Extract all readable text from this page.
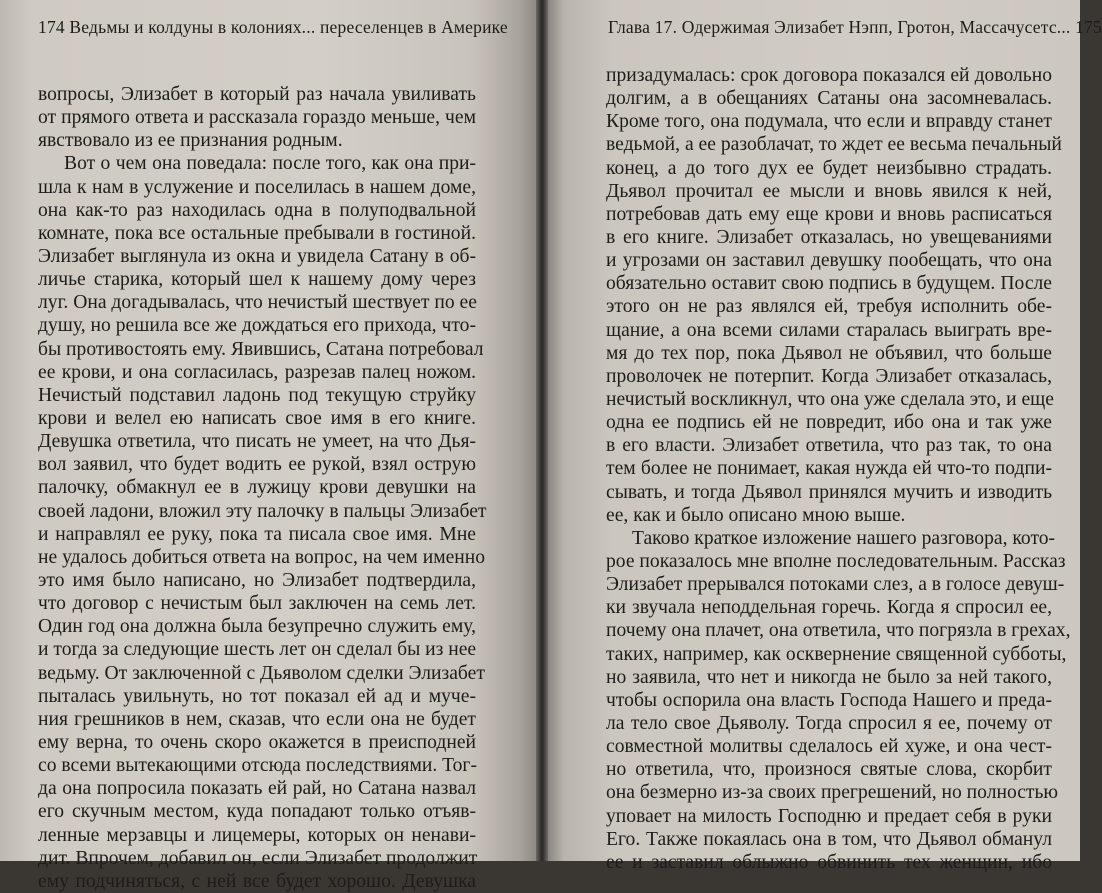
174 Ведьмы и колдуны в колониях... переселенцев в Америке
вопросы, Элизабет в который раз начала увиливать
от прямого ответа и рассказала гораздо меньше, чем
явствовало из ее признания родным.
Вот о чем она поведала: после того, как она при-
шла к нам в услужение и поселилась в нашем доме,
она как-то раз находилась одна в полуподвальной
комнате, пока все остальные пребывали в гостиной.
Элизабет выглянула из окна и увидела Сатану в об-
личье старика, который шел к нашему дому через
луг. Она догадывалась, что нечистый шествует по ее
душу, но решила все же дождаться его прихода, что-
бы противостоять ему. Явившись, Сатана потребовал
ее крови, и она согласилась, разрезав палец ножом.
Нечистый подставил ладонь под текущую струйку
крови и велел ею написать свое имя в его книге.
Девушка ответила, что писать не умеет, на что Дья-
вол заявил, что будет водить ее рукой, взял острую
палочку, обмакнул ее в лужицу крови девушки на
своей ладони, вложил эту палочку в пальцы Элизабет
и направлял ее руку, пока та писала свое имя. Мне
не удалось добиться ответа на вопрос, на чем именно
это имя было написано, но Элизабет подтвердила,
что договор с нечистым был заключен на семь лет.
Один год она должна была безупречно служить ему,
и тогда за следующие шесть лет он сделал бы из нее
ведьму. От заключенной с Дьяволом сделки Элизабет
пыталась увильнуть, но тот показал ей ад и муче-
ния грешников в нем, сказав, что если она не будет
ему верна, то очень скоро окажется в преисподней
со всеми вытекающими отсюда последствиями. Тог-
да она попросила показать ей рай, но Сатана назвал
его скучным местом, куда попадают только отъяв-
ленные мерзавцы и лицемеры, которых он ненави-
дит. Впрочем, добавил он, если Элизабет продолжит
ему подчиняться, с ней все будет хорошо. Девушка
Глава 17. Одержимая Элизабет Нэпп, Гротон, Массачусетс... 175
призадумалась: срок договора показался ей довольно
долгим, а в обещаниях Сатаны она засомневалась.
Кроме того, она подумала, что если и вправду станет
ведьмой, а ее разоблачат, то ждет ее весьма печальный
конец, а до того дух ее будет неизбывно страдать.
Дьявол прочитал ее мысли и вновь явился к ней,
потребовав дать ему еще крови и вновь расписаться
в его книге. Элизабет отказалась, но увещеваниями
и угрозами он заставил девушку пообещать, что она
обязательно оставит свою подпись в будущем. После
этого он не раз являлся ей, требуя исполнить обе-
щание, а она всеми силами старалась выиграть вре-
мя до тех пор, пока Дьявол не объявил, что больше
проволочек не потерпит. Когда Элизабет отказалась,
нечистый воскликнул, что она уже сделала это, и еще
одна ее подпись ей не повредит, ибо она и так уже
в его власти. Элизабет ответила, что раз так, то она
тем более не понимает, какая нужда ей что-то подпи-
сывать, и тогда Дьявол принялся мучить и изводить
ее, как и было описано мною выше.
Таково краткое изложение нашего разговора, кото-
рое показалось мне вполне последовательным. Рассказ
Элизабет прерывался потоками слез, а в голосе девуш-
ки звучала неподдельная горечь. Когда я спросил ее,
почему она плачет, она ответила, что погрязла в грехах,
таких, например, как осквернение священной субботы,
но заявила, что нет и никогда не было за ней такого,
чтобы оспорила она власть Господа Нашего и преда-
ла тело свое Дьяволу. Тогда спросил я ее, почему от
совместной молитвы сделалось ей хуже, и она чест-
но ответила, что, произнося святые слова, скорбит
она безмерно из-за своих прегрешений, но полностью
уповает на милость Господню и предает себя в руки
Его. Также покаялась она в том, что Дьявол обманул
ее и заставил облыжно обвинить тех женщин, ибо
